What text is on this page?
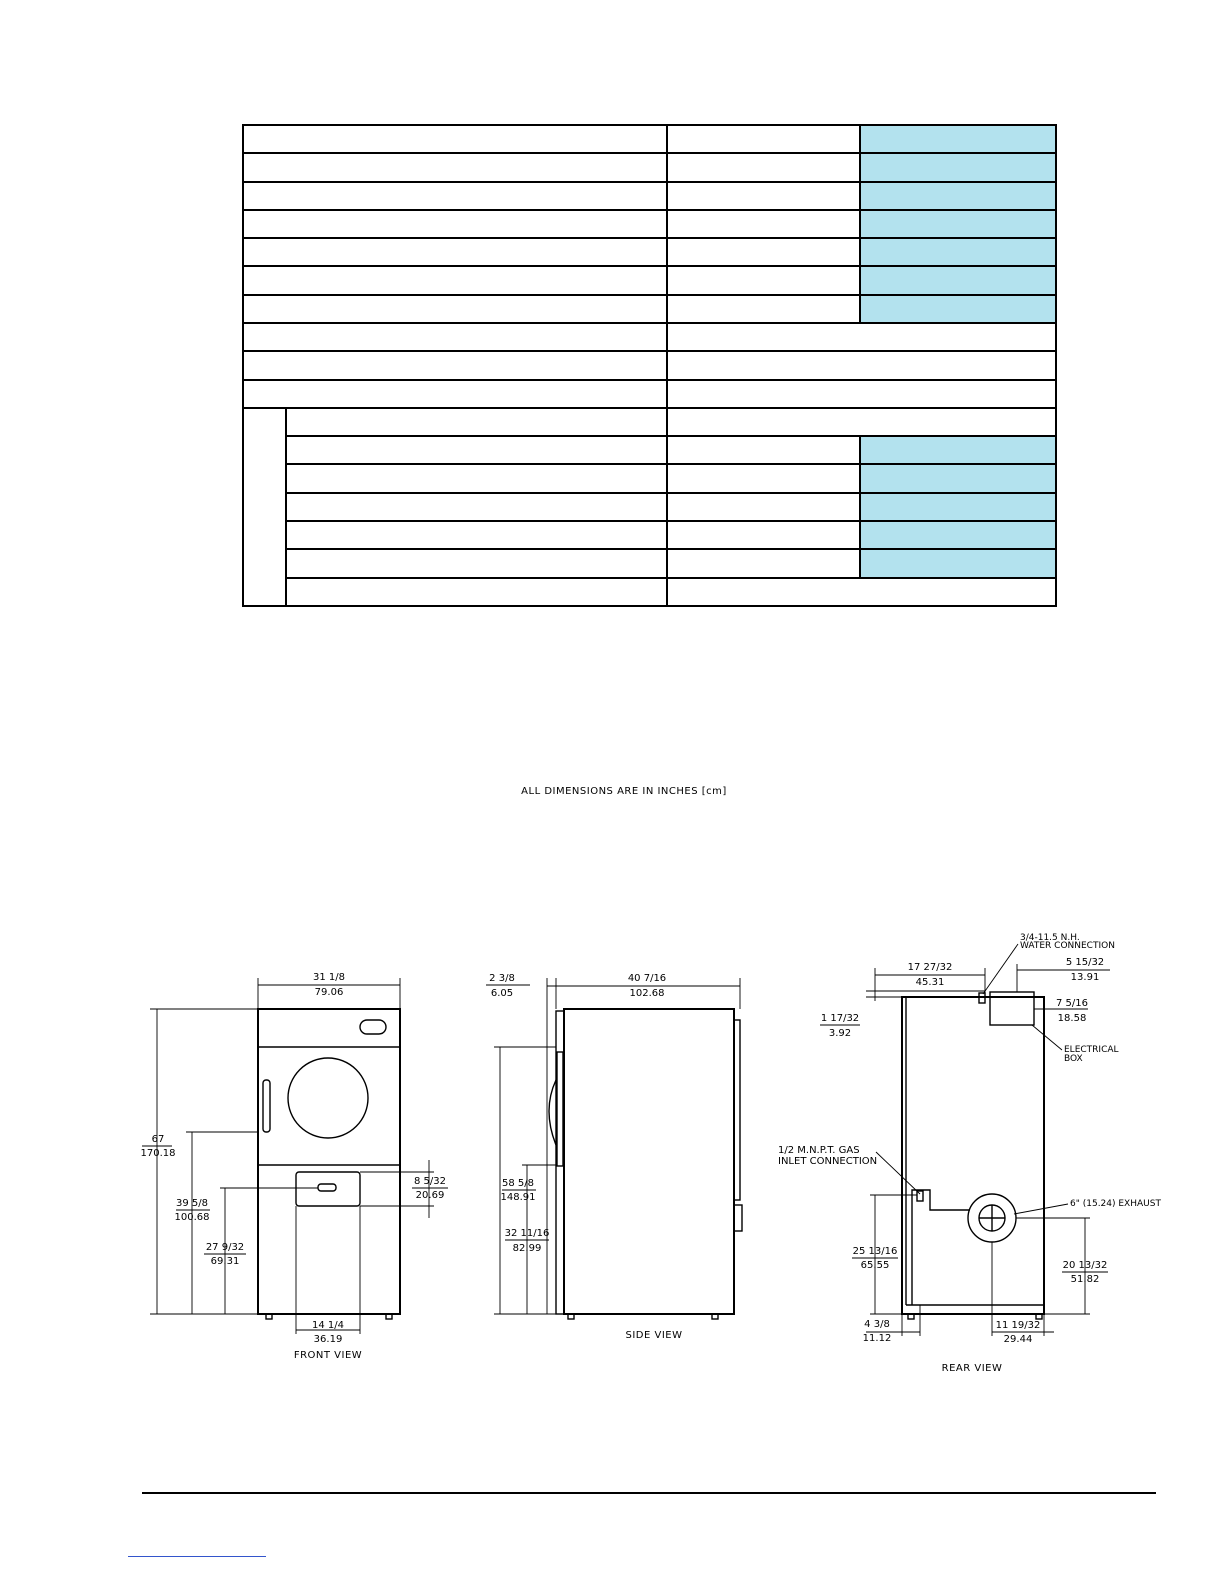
ALL DIMENSIONS ARE IN INCHES [cm]
31 1/8
79.06
67
170.18
39 5/8
100.68
27 9/32
69.31
8 5/32
20.69
14 1/4
36.19
FRONT VIEW
2 3/8
6.05
40 7/16
102.68
58 5/8
148.91
32 11/16
82.99
SIDE VIEW
3/4-11.5 N.H.
WATER CONNECTION
17 27/32
45.31
5 15/32
13.91
7 5/16
18.58
1 17/32
3.92
ELECTRICAL
BOX
1/2 M.N.P.T. GAS
INLET CONNECTION
6" (15.24) EXHAUST
25 13/16
65.55	20 13/32
51.82
4 3/8
11.12
11 19/32
29.44
REAR VIEW
